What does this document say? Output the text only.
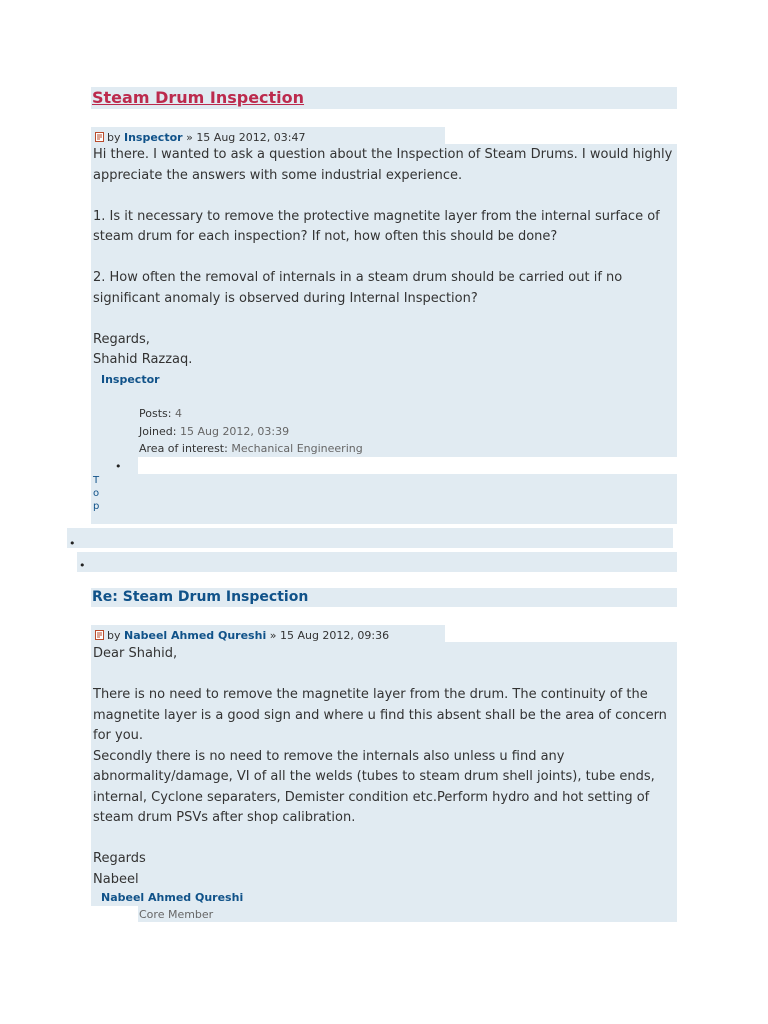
Steam Drum Inspection
by Inspector » 15 Aug 2012, 03:47

Hi there. I wanted to ask a question about the Inspection of Steam Drums. I would highly appreciate the answers with some industrial experience.

1. Is it necessary to remove the protective magnetite layer from the internal surface of steam drum for each inspection? If not, how often this should be done?

2. How often the removal of internals in a steam drum should be carried out if no significant anomaly is observed during Internal Inspection?

Regards,
Shahid Razzaq.

Inspector
Posts: 4
Joined: 15 Aug 2012, 03:39
Area of interest: Mechanical Engineering
•
T
o
p
•
•
Re: Steam Drum Inspection
by Nabeel Ahmed Qureshi » 15 Aug 2012, 09:36

Dear Shahid,

There is no need to remove the magnetite layer from the drum. The continuity of the magnetite layer is a good sign and where u find this absent shall be the area of concern for you.
Secondly there is no need to remove the internals also unless u find any abnormality/damage, VI of all the welds (tubes to steam drum shell joints), tube ends, internal, Cyclone separaters, Demister condition etc.Perform hydro and hot setting of steam drum PSVs after shop calibration.

Regards
Nabeel

Nabeel Ahmed Qureshi
Core Member
